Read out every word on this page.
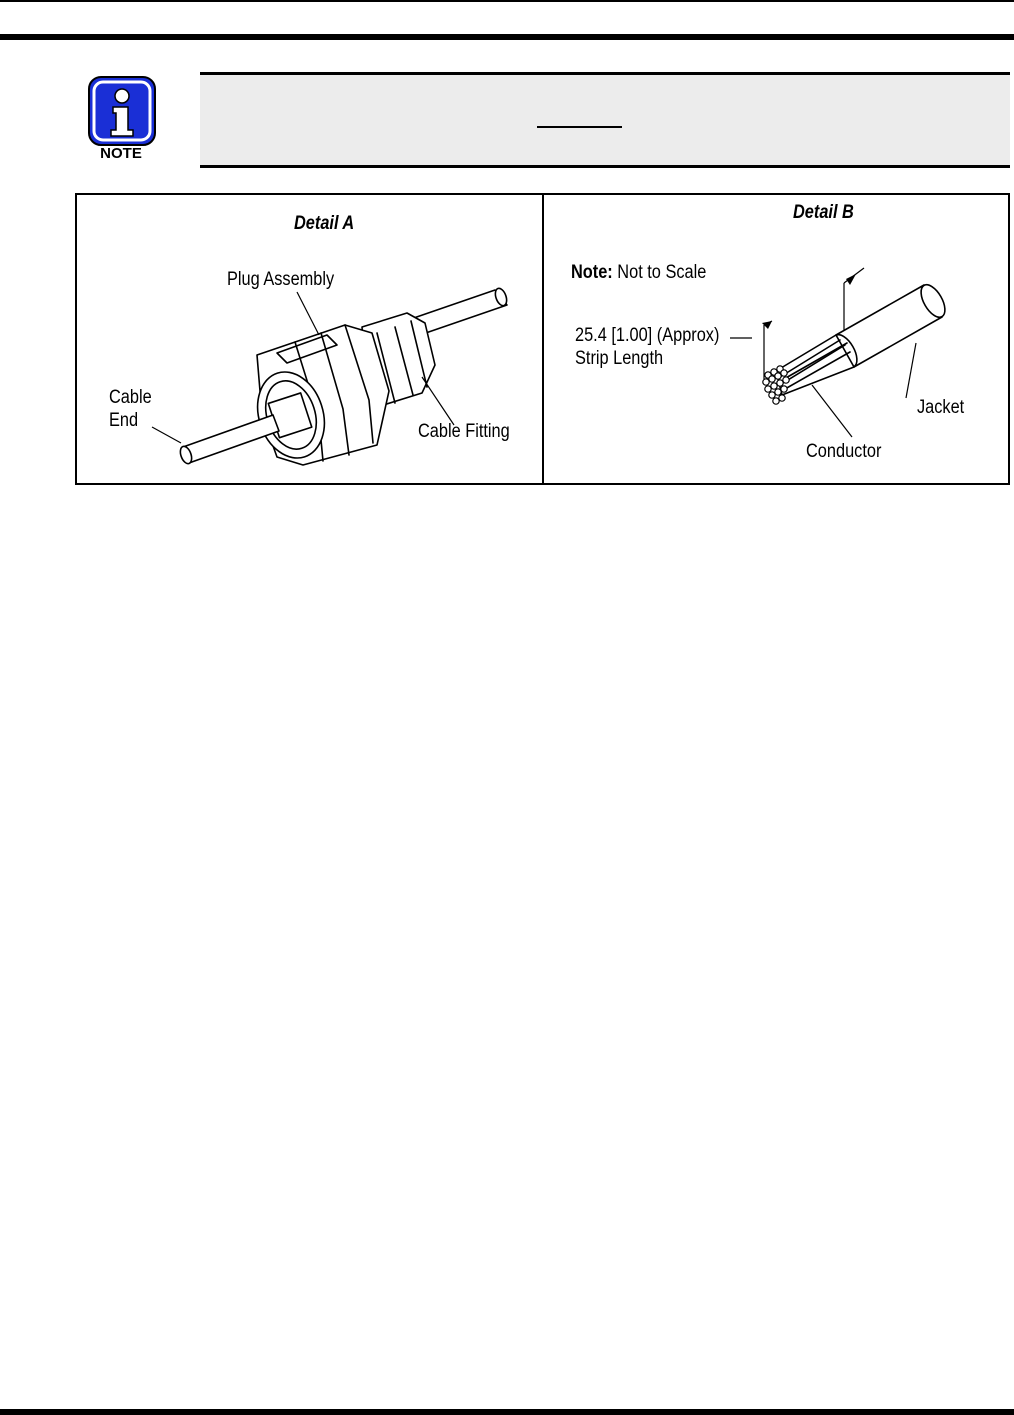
NOTE
Detail A
Plug Assembly
Cable
End
Cable Fitting
Detail B
Note: Not to Scale
25.4 [1.00] (Approx)
Strip Length
Jacket
Conductor
